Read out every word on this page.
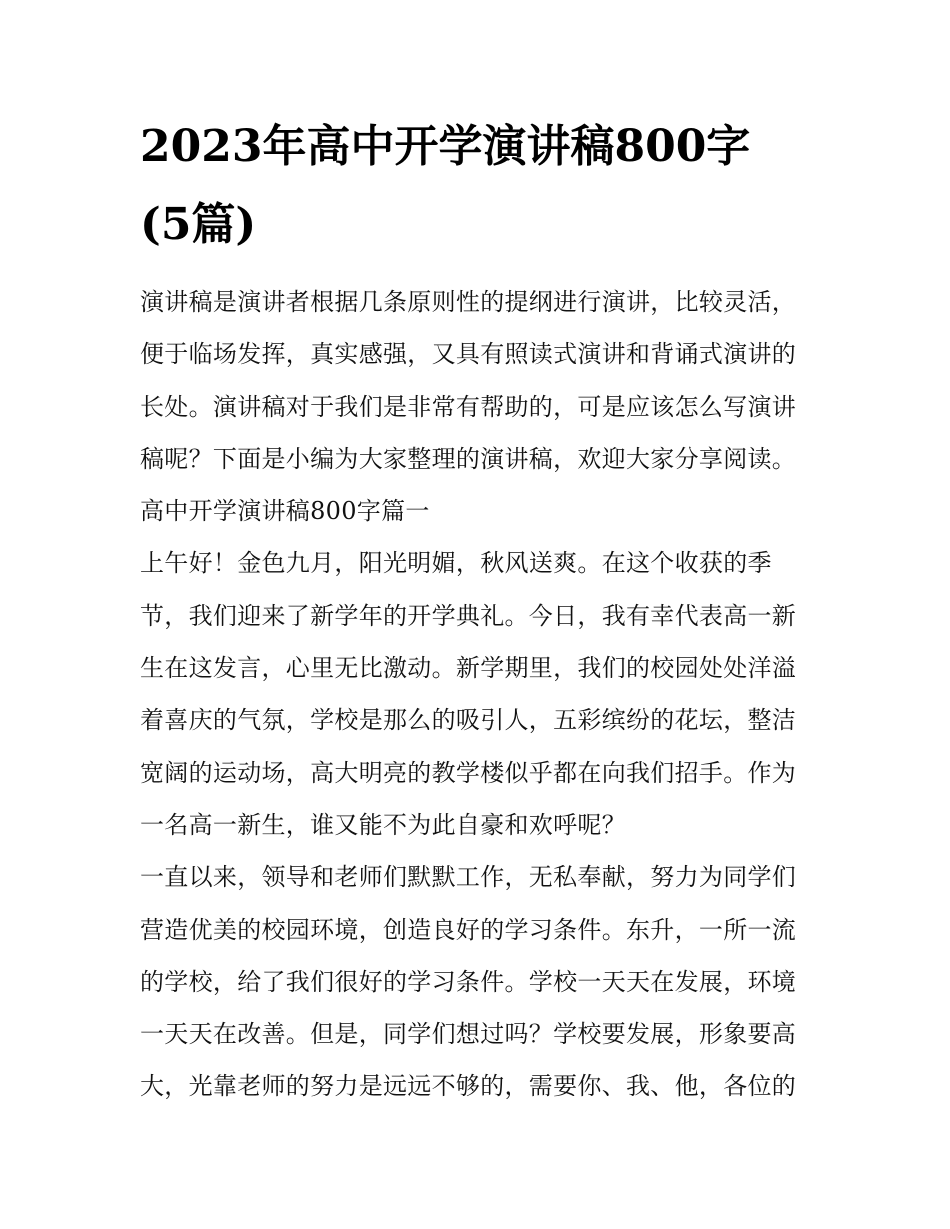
2023年高中开学演讲稿800字
(5篇)
演讲稿是演讲者根据几条原则性的提纲进行演讲，比较灵活，
便于临场发挥，真实感强，又具有照读式演讲和背诵式演讲的
长处。演讲稿对于我们是非常有帮助的，可是应该怎么写演讲
稿呢？下面是小编为大家整理的演讲稿，欢迎大家分享阅读。
高中开学演讲稿800字篇一
上午好！金色九月，阳光明媚，秋风送爽。在这个收获的季
节，我们迎来了新学年的开学典礼。今日，我有幸代表高一新
生在这发言，心里无比激动。新学期里，我们的校园处处洋溢
着喜庆的气氛，学校是那么的吸引人，五彩缤纷的花坛，整洁
宽阔的运动场，高大明亮的教学楼似乎都在向我们招手。作为
一名高一新生，谁又能不为此自豪和欢呼呢？
一直以来，领导和老师们默默工作，无私奉献，努力为同学们
营造优美的校园环境，创造良好的学习条件。东升，一所一流
的学校，给了我们很好的学习条件。学校一天天在发展，环境
一天天在改善。但是，同学们想过吗？学校要发展，形象要高
大，光靠老师的努力是远远不够的，需要你、我、他，各位的
